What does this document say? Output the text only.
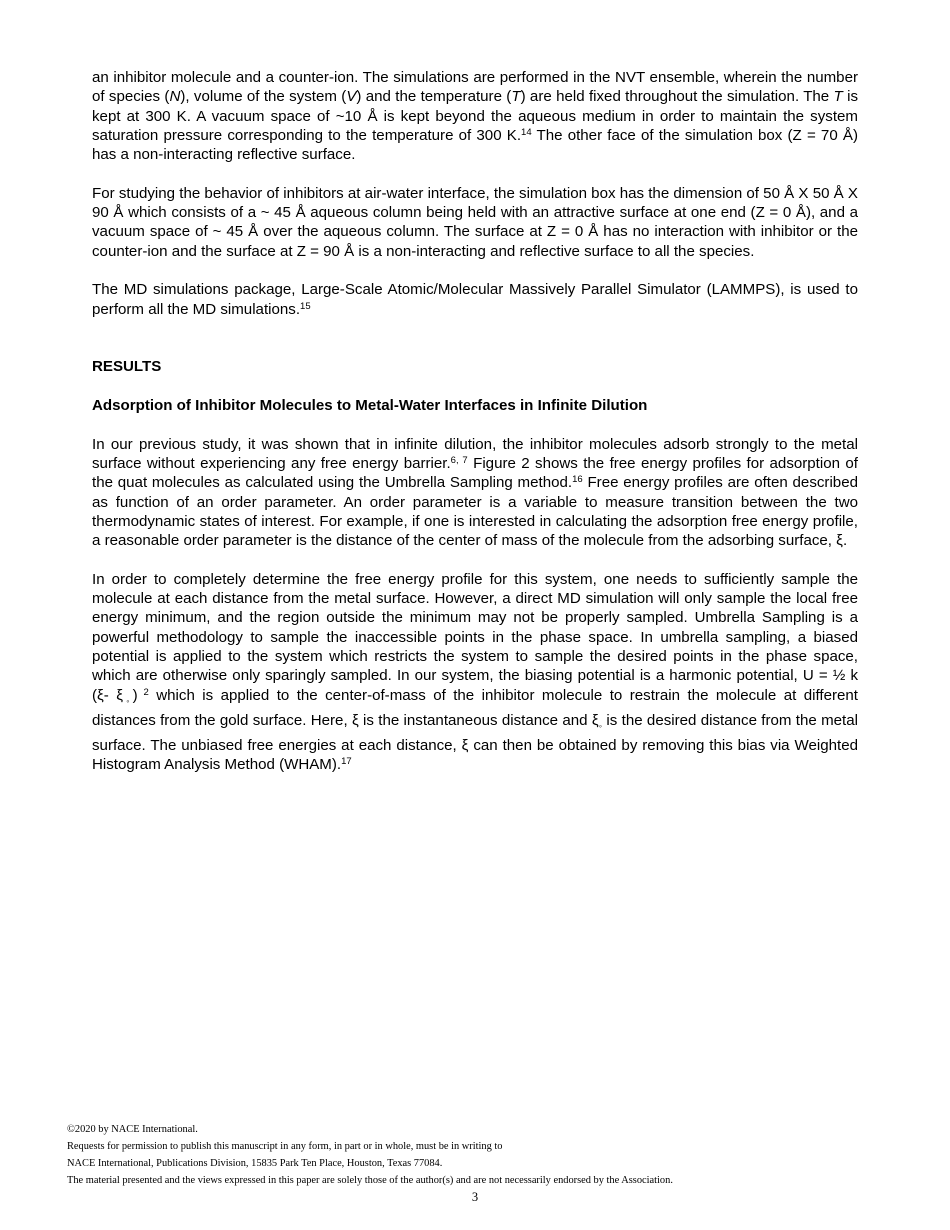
an inhibitor molecule and a counter-ion. The simulations are performed in the NVT ensemble, wherein the number of species (N), volume of the system (V) and the temperature (T) are held fixed throughout the simulation. The T is kept at 300 K. A vacuum space of ~10 Å is kept beyond the aqueous medium in order to maintain the system saturation pressure corresponding to the temperature of 300 K.$^{14}$ The other face of the simulation box (Z = 70 Å) has a non-interacting reflective surface.

For studying the behavior of inhibitors at air-water interface, the simulation box has the dimension of 50 Å X 50 Å X 90 Å which consists of a ~ 45 Å aqueous column being held with an attractive surface at one end (Z = 0 Å), and a vacuum space of ~ 45 Å over the aqueous column. The surface at Z = 0 Å has no interaction with inhibitor or the counter-ion and the surface at Z = 90 Å is a non-interacting and reflective surface to all the species.

The MD simulations package, Large-Scale Atomic/Molecular Massively Parallel Simulator (LAMMPS), is used to perform all the MD simulations.$^{15}$

RESULTS

Adsorption of Inhibitor Molecules to Metal-Water Interfaces in Infinite Dilution

In our previous study, it was shown that in infinite dilution, the inhibitor molecules adsorb strongly to the metal surface without experiencing any free energy barrier.$^{6, 7}$ Figure 2 shows the free energy profiles for adsorption of the quat molecules as calculated using the Umbrella Sampling method.$^{16}$ Free energy profiles are often described as function of an order parameter. An order parameter is a variable to measure transition between the two thermodynamic states of interest. For example, if one is interested in calculating the adsorption free energy profile, a reasonable order parameter is the distance of the center of mass of the molecule from the adsorbing surface, ξ.

In order to completely determine the free energy profile for this system, one needs to sufficiently sample the molecule at each distance from the metal surface. However, a direct MD simulation will only sample the local free energy minimum, and the region outside the minimum may not be properly sampled. Umbrella Sampling is a powerful methodology to sample the inaccessible points in the phase space. In umbrella sampling, a biased potential is applied to the system which restricts the system to sample the desired points in the phase space, which are otherwise only sparingly sampled. In our system, the biasing potential is a harmonic potential, U = ½ k (ξ- $\xi_◦$) $^2$ which is applied to the center-of-mass of the inhibitor molecule to restrain the molecule at different distances from the gold surface. Here, ξ is the instantaneous distance and $\xi_◦$ is the desired distance from the metal surface. The unbiased free energies at each distance, ξ can then be obtained by removing this bias via Weighted Histogram Analysis Method (WHAM).$^{17}$

©2020 by NACE International.
Requests for permission to publish this manuscript in any form, in part or in whole, must be in writing to
NACE International, Publications Division, 15835 Park Ten Place, Houston, Texas 77084.
The material presented and the views expressed in this paper are solely those of the author(s) and are not necessarily endorsed by the Association.
3
